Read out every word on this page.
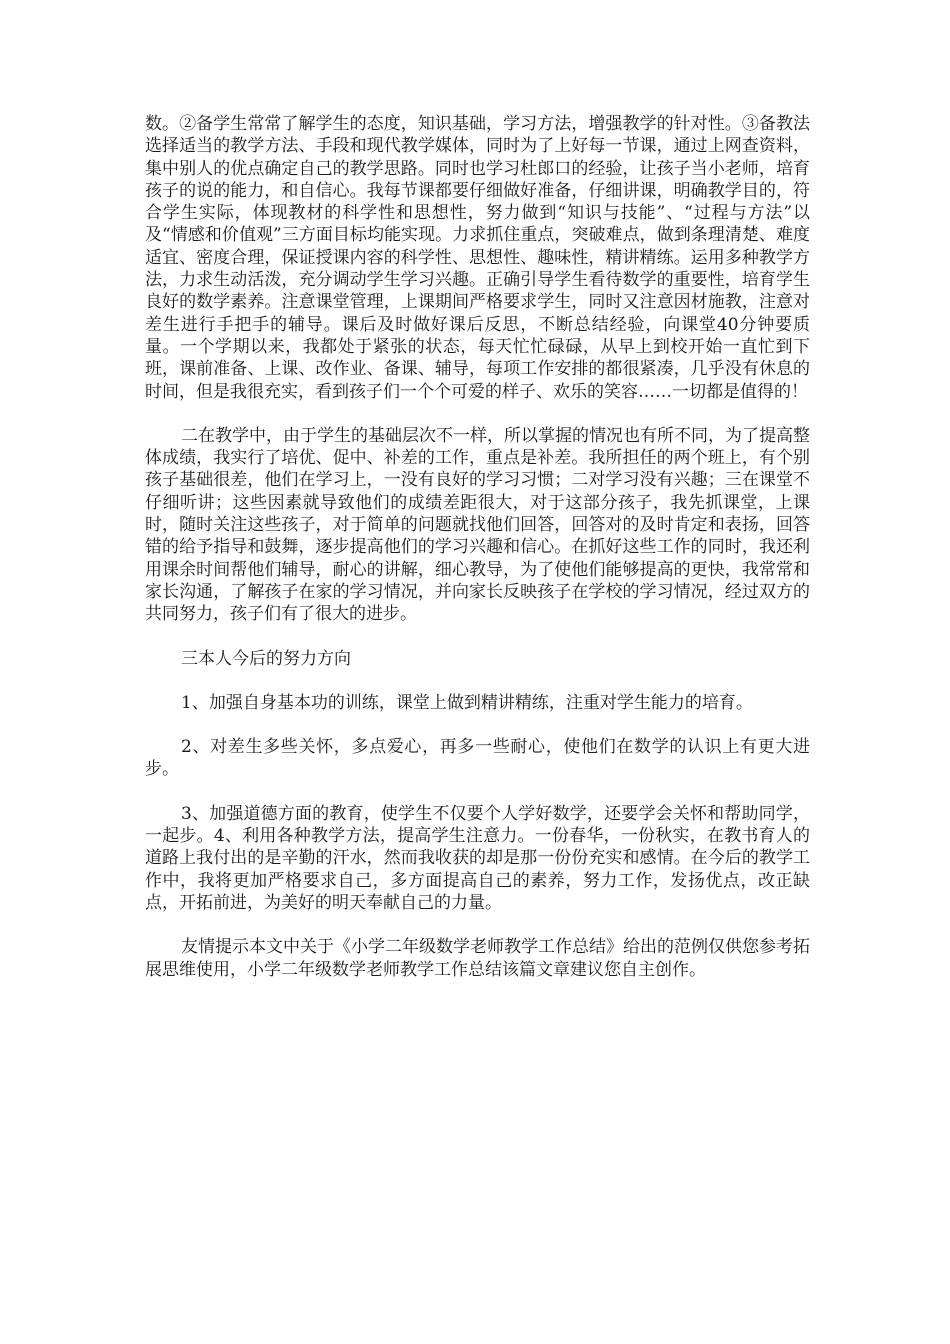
数。②备学生常常了解学生的态度，知识基础，学习方法，增强教学的针对性。③备教法选择适当的教学方法、手段和现代教学媒体，同时为了上好每一节课，通过上网查资料，集中别人的优点确定自己的教学思路。同时也学习杜郎口的经验，让孩子当小老师，培育孩子的说的能力，和自信心。我每节课都要仔细做好准备，仔细讲课，明确教学目的，符合学生实际，体现教材的科学性和思想性，努力做到“知识与技能”、“过程与方法”以及“情感和价值观”三方面目标均能实现。力求抓住重点，突破难点，做到条理清楚、难度适宜、密度合理，保证授课内容的科学性、思想性、趣味性，精讲精练。运用多种教学方法，力求生动活泼，充分调动学生学习兴趣。正确引导学生看待数学的重要性，培育学生良好的数学素养。注意课堂管理，上课期间严格要求学生，同时又注意因材施教，注意对差生进行手把手的辅导。课后及时做好课后反思，不断总结经验，向课堂40分钟要质量。一个学期以来，我都处于紧张的状态，每天忙忙碌碌，从早上到校开始一直忙到下班，课前准备、上课、改作业、备课、辅导，每项工作安排的都很紧凑，几乎没有休息的时间，但是我很充实，看到孩子们一个个可爱的样子、欢乐的笑容……一切都是值得的！

二在教学中，由于学生的基础层次不一样，所以掌握的情况也有所不同，为了提高整体成绩，我实行了培优、促中、补差的工作，重点是补差。我所担任的两个班上，有个别孩子基础很差，他们在学习上，一没有良好的学习习惯；二对学习没有兴趣；三在课堂不仔细听讲；这些因素就导致他们的成绩差距很大，对于这部分孩子，我先抓课堂，上课时，随时关注这些孩子，对于简单的问题就找他们回答，回答对的及时肯定和表扬，回答错的给予指导和鼓舞，逐步提高他们的学习兴趣和信心。在抓好这些工作的同时，我还利用课余时间帮他们辅导，耐心的讲解，细心教导，为了使他们能够提高的更快，我常常和家长沟通，了解孩子在家的学习情况，并向家长反映孩子在学校的学习情况，经过双方的共同努力，孩子们有了很大的进步。

三本人今后的努力方向

1、加强自身基本功的训练，课堂上做到精讲精练，注重对学生能力的培育。

2、对差生多些关怀，多点爱心，再多一些耐心，使他们在数学的认识上有更大进步。

3、加强道德方面的教育，使学生不仅要个人学好数学，还要学会关怀和帮助同学，一起步。4、利用各种教学方法，提高学生注意力。一份春华，一份秋实，在教书育人的道路上我付出的是辛勤的汗水，然而我收获的却是那一份份充实和感情。在今后的教学工作中，我将更加严格要求自己，多方面提高自己的素养，努力工作，发扬优点，改正缺点，开拓前进，为美好的明天奉献自己的力量。

友情提示本文中关于《小学二年级数学老师教学工作总结》给出的范例仅供您参考拓展思维使用，小学二年级数学老师教学工作总结该篇文章建议您自主创作。
